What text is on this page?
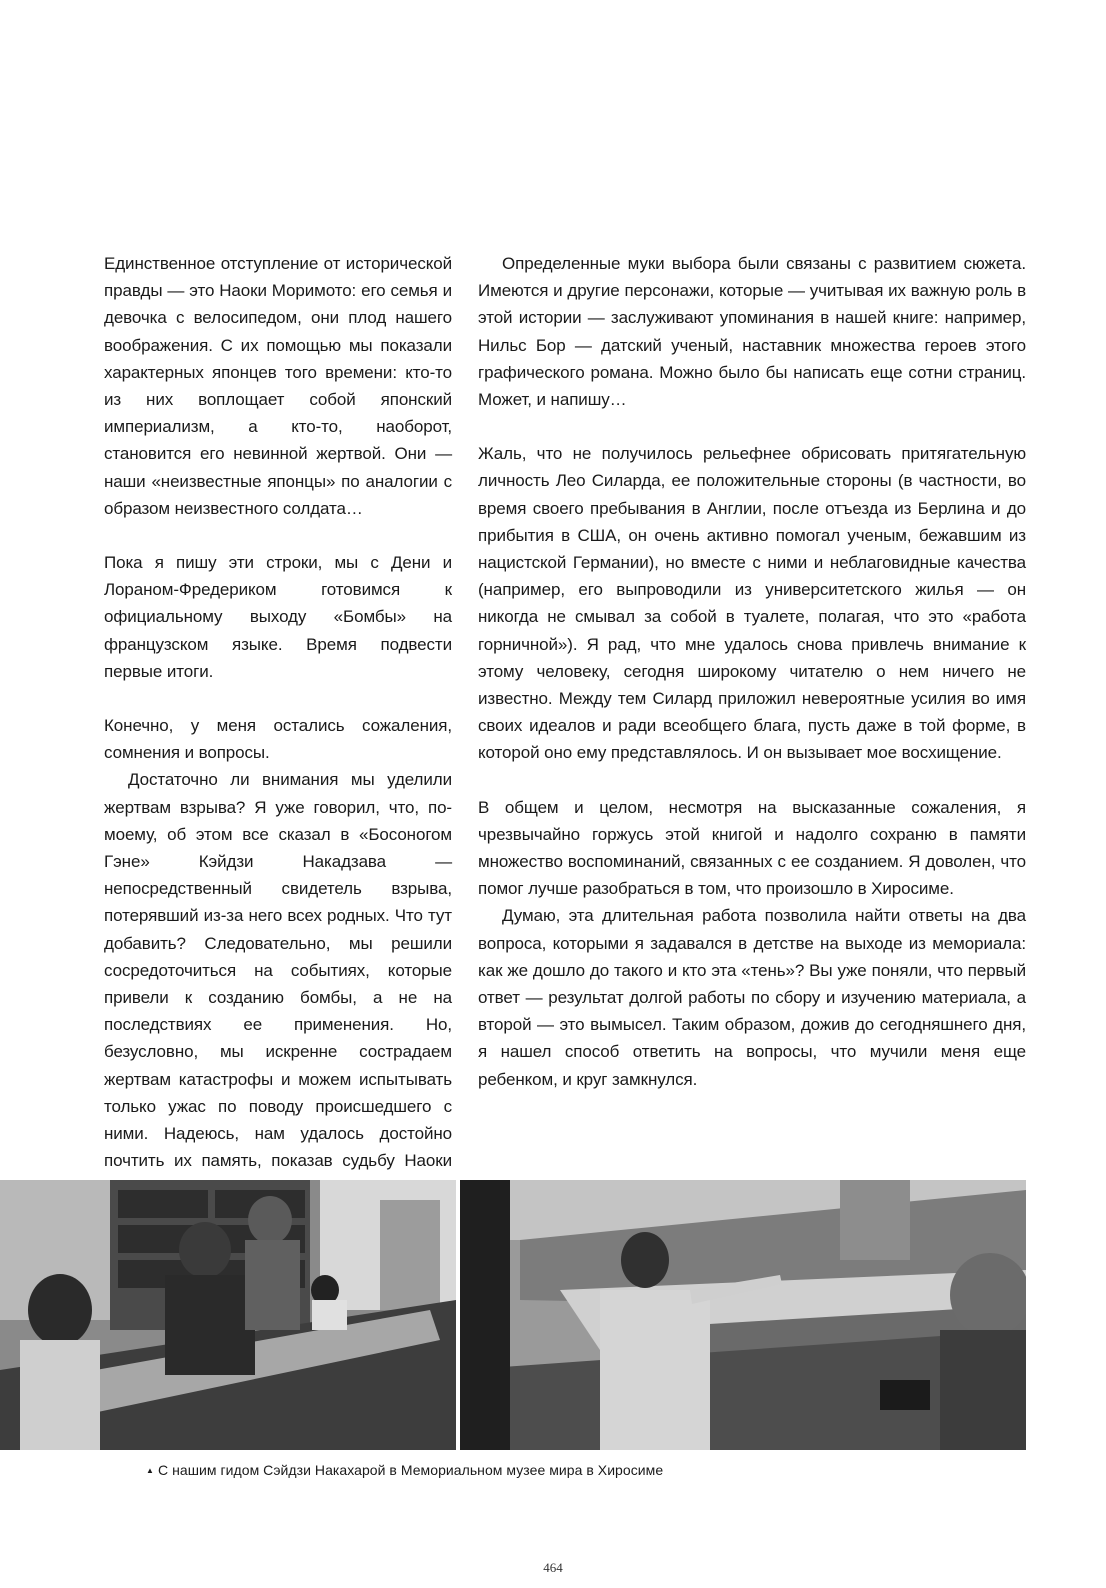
Единственное отступление от исторической правды — это Наоки Моримото: его семья и девочка с велосипедом, они плод нашего воображения. С их помощью мы показали характерных японцев того времени: кто-то из них воплощает собой японский империализм, а кто-то, наоборот, становится его невинной жертвой. Они — наши «неизвестные японцы» по аналогии с образом неизвестного солдата…

Пока я пишу эти строки, мы с Дени и Лораном-Фредериком готовимся к официальному выходу «Бомбы» на французском языке. Время подвести первые итоги.

Конечно, у меня остались сожаления, сомнения и вопросы.

Достаточно ли внимания мы уделили жертвам взрыва? Я уже говорил, что, по-моему, об этом все сказал в «Босоногом Гэне» Кэйдзи Накадзава — непосредственный свидетель взрыва, потерявший из-за него всех родных. Что тут добавить? Следовательно, мы решили сосредоточиться на событиях, которые привели к созданию бомбы, а не на последствиях ее применения. Но, безусловно, мы искренне сострадаем жертвам катастрофы и можем испытывать только ужас по поводу происшедшего с ними. Надеюсь, нам удалось достойно почтить их память, показав судьбу Наоки

Определенные муки выбора были связаны с развитием сюжета. Имеются и другие персонажи, которые — учитывая их важную роль в этой истории — заслуживают упоминания в нашей книге: например, Нильс Бор — датский ученый, наставник множества героев этого графического романа. Можно было бы написать еще сотни страниц. Может, и напишу…

Жаль, что не получилось рельефнее обрисовать притягательную личность Лео Силарда, ее положительные стороны (в частности, во время своего пребывания в Англии, после отъезда из Берлина и до прибытия в США, он очень активно помогал ученым, бежавшим из нацистской Германии), но вместе с ними и неблаговидные качества (например, его выпроводили из университетского жилья — он никогда не смывал за собой в туалете, полагая, что это «работа горничной»). Я рад, что мне удалось снова привлечь внимание к этому человеку, сегодня широкому читателю о нем ничего не известно. Между тем Силард приложил невероятные усилия во имя своих идеалов и ради всеобщего блага, пусть даже в той форме, в которой оно ему представлялось. И он вызывает мое восхищение.

В общем и целом, несмотря на высказанные сожаления, я чрезвычайно горжусь этой книгой и надолго сохраню в памяти множество воспоминаний, связанных с ее созданием. Я доволен, что помог лучше разобраться в том, что произошло в Хиросиме.

Думаю, эта длительная работа позволила найти ответы на два вопроса, которыми я задавался в детстве на выходе из мемориала: как же дошло до такого и кто эта «тень»? Вы уже поняли, что первый ответ — результат долгой работы по сбору и изучению материала, а второй — это вымысел. Таким образом, дожив до сегодняшнего дня, я нашел способ ответить на вопросы, что мучили меня еще ребенком, и круг замкнулся.

▲ С нашим гидом Сэйдзи Накахарой в Мемориальном музее мира в Хиросиме
464
